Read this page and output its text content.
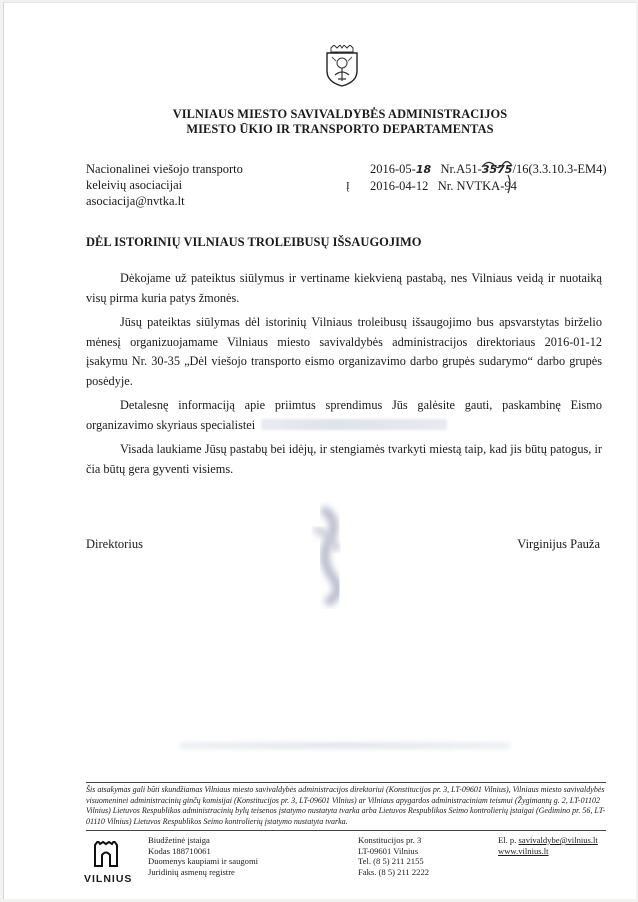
VILNIAUS MIESTO SAVIVALDYBĖS ADMINISTRACIJOS
MIESTO ŪKIO IR TRANSPORTO DEPARTAMENTAS
Nacionalinei viešojo transporto
keleivių asociacijai
asociacija@nvtka.lt
2016-05-18 Nr.A51-3575/16(3.3.10.3-EM4)
Į 2016-04-12 Nr. NVTKA-94
DĖL ISTORINIŲ VILNIAUS TROLEIBUSŲ IŠSAUGOJIMO

Dėkojame už pateiktus siūlymus ir vertiname kiekvieną pastabą, nes Vilniaus veidą ir nuotaiką visų pirma kuria patys žmonės.

Jūsų pateiktas siūlymas dėl istorinių Vilniaus troleibusų išsaugojimo bus apsvarstytas birželio mėnesį organizuojamame Vilniaus miesto savivaldybės administracijos direktoriaus 2016-01-12 įsakymu Nr. 30-35 „Dėl viešojo transporto eismo organizavimo darbo grupės sudarymo“ darbo grupės posėdyje.

Detalesnę informaciją apie priimtus sprendimus Jūs galėsite gauti, paskambinę Eismo organizavimo skyriaus specialistei

Visada laukiame Jūsų pastabų bei idėjų, ir stengiamės tvarkyti miestą taip, kad jis būtų patogus, ir čia būtų gera gyventi visiems.

Direktorius	Virginijus Pauža
Šis atsakymas gali būti skundžiamas Vilniaus miesto savivaldybės administracijos direktoriui (Konstitucijos pr. 3, LT-09601 Vilnius), Vilniaus miesto savivaldybės visuomeninei administracinių ginčų komisijai (Konstitucijos pr. 3, LT-09601 Vilnius) ar Vilniaus apygardos administraciniam teismui (Žygimantų g. 2, LT-01102 Vilnius) Lietuvos Respublikos administracinių bylų teisenos įstatymo nustatyta tvarka arba Lietuvos Respublikos Seimo kontrolierių įstaigai (Gedimino pr. 56, LT-01110 Vilnius) Lietuvos Respublikos Seimo kontrolierių įstatymo nustatyta tvarka.
VILNIUS
Biudžetinė įstaiga
Kodas 188710061
Duomenys kaupiami ir saugomi
Juridinių asmenų registre
Konstitucijos pr. 3
LT-09601 Vilnius
Tel. (8 5) 211 2155
Faks. (8 5) 211 2222
El. p. savivaldybe@vilnius.lt
www.vilnius.lt
